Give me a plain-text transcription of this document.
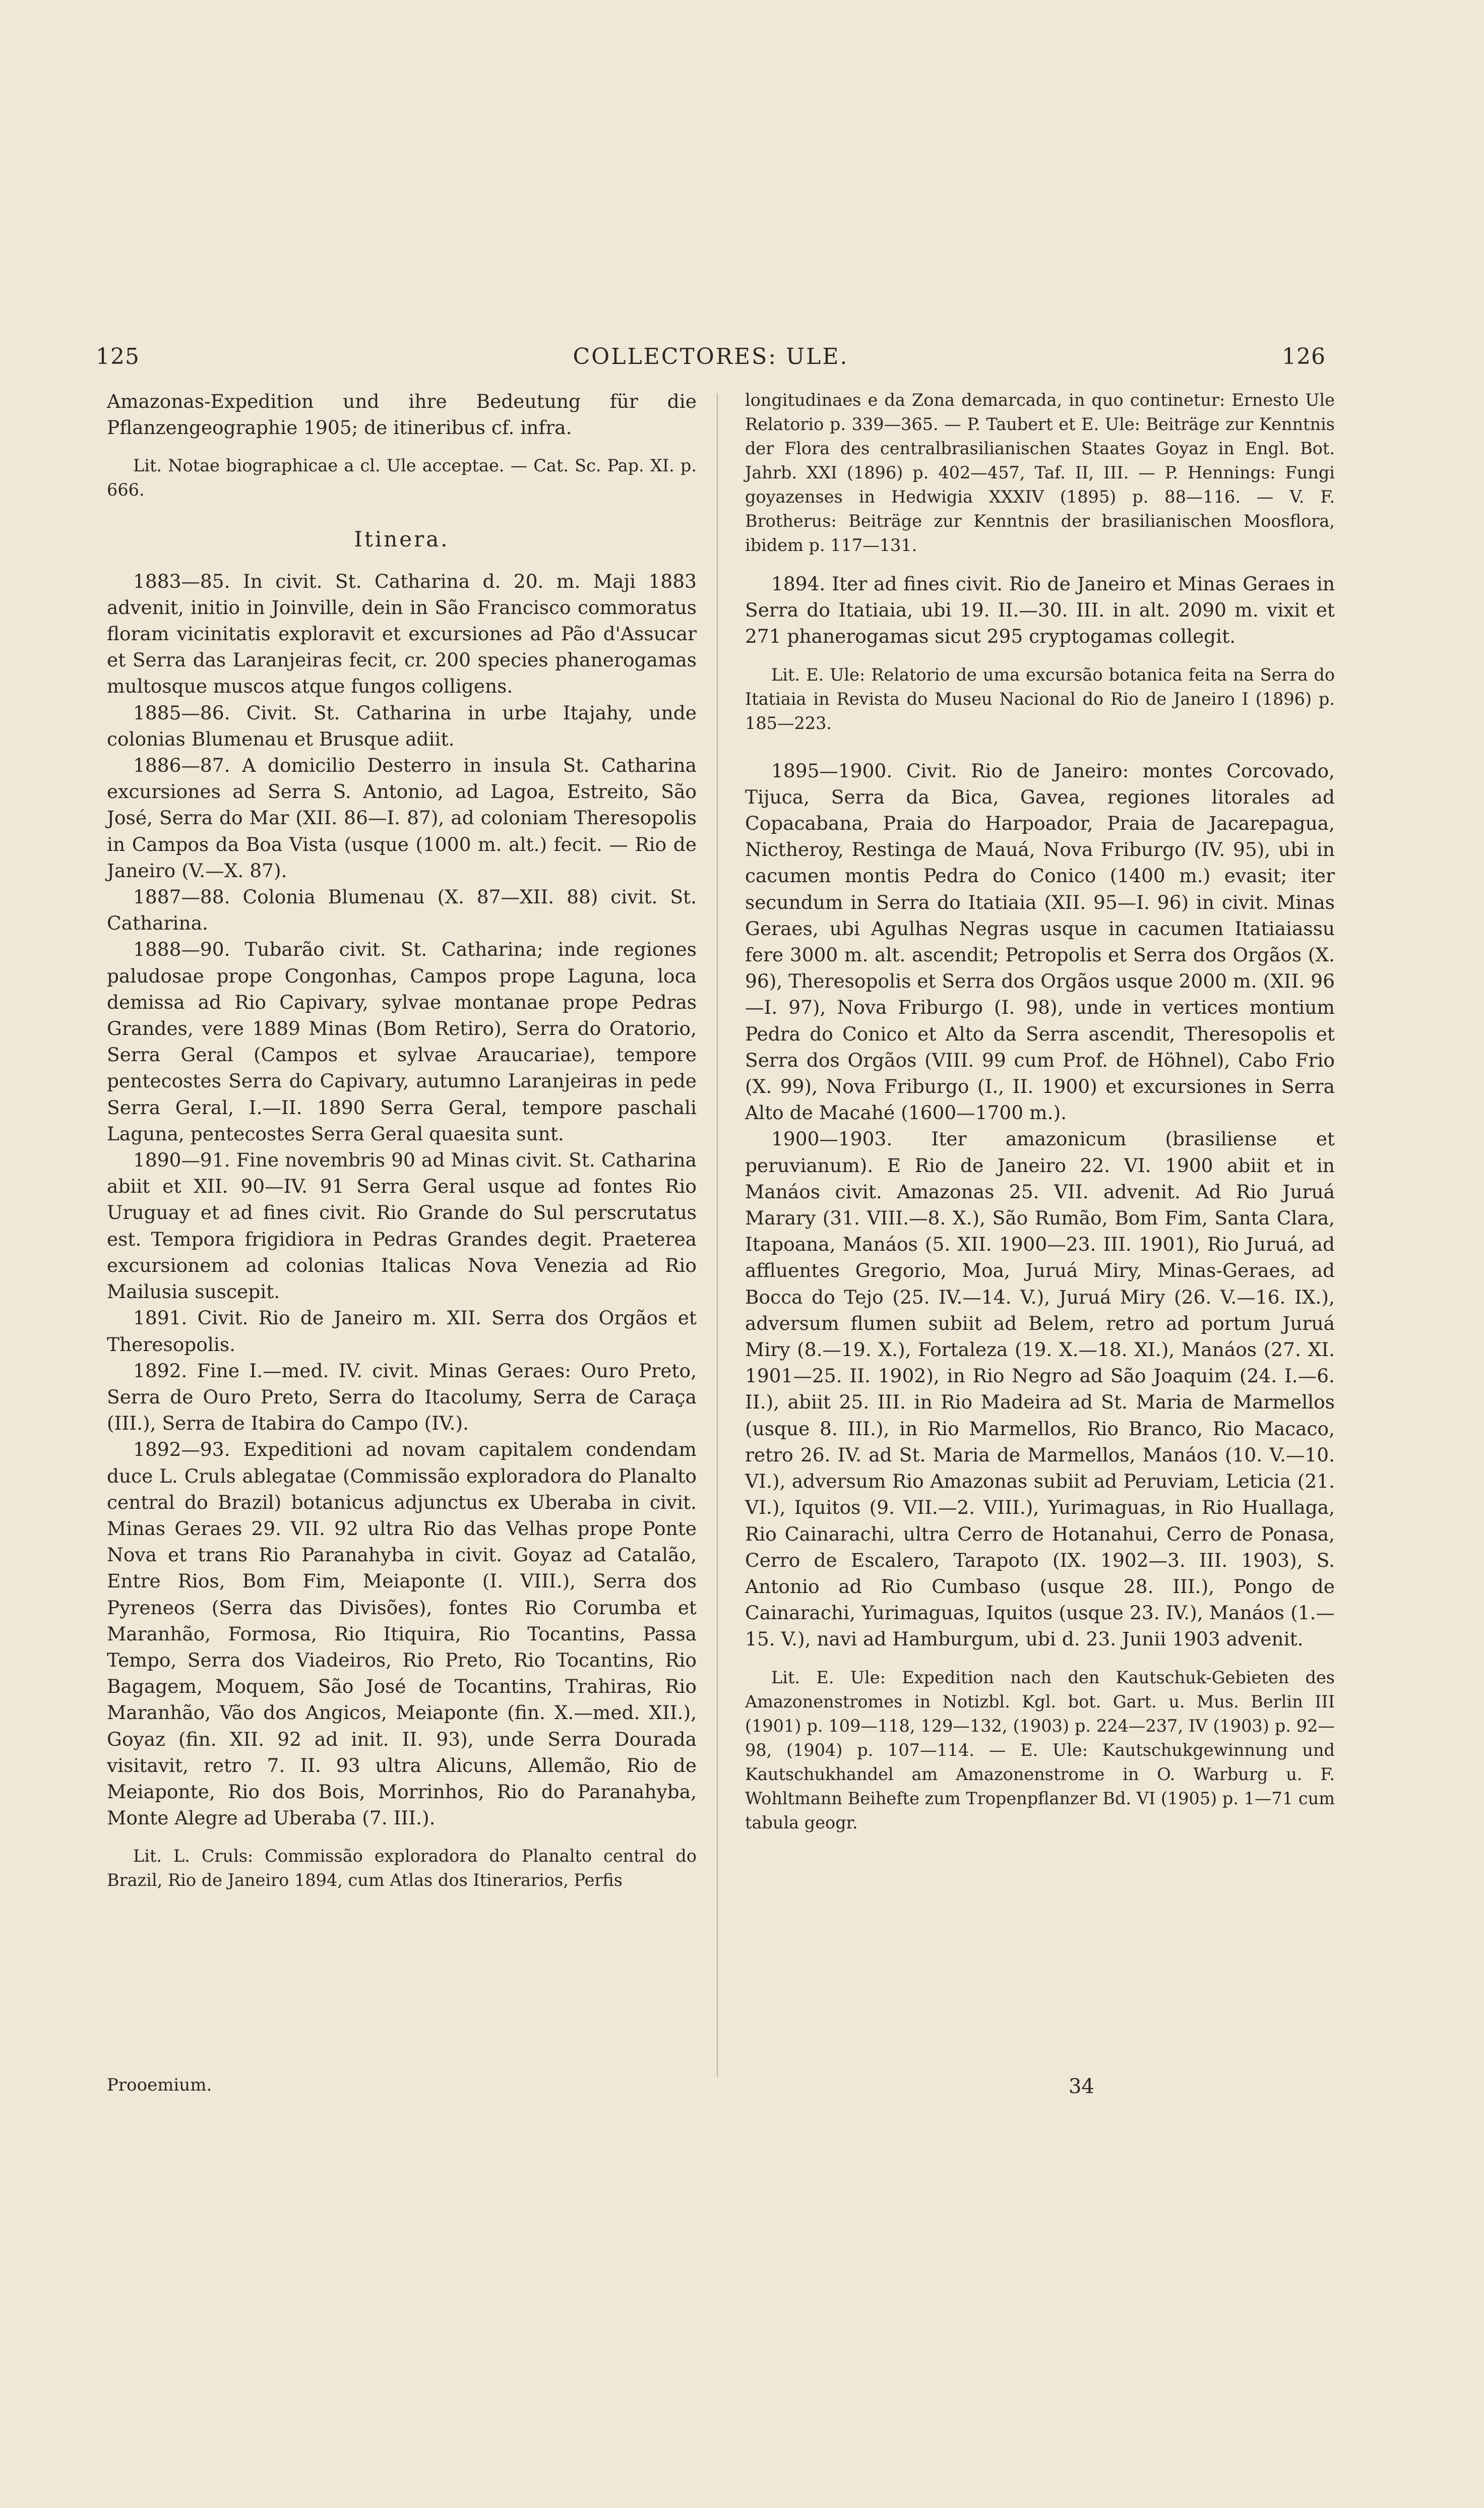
125	COLLECTORES: ULE.	126

Amazonas-Expedition und ihre Bedeutung für die Pflanzengeographie 1905; de itineribus cf. infra.

Lit. Notae biographicae a cl. Ule acceptae. — Cat. Sc. Pap. XI. p. 666.

Itinera.

1883—85. In civit. St. Catharina d. 20. m. Maji 1883 advenit, initio in Joinville, dein in São Francisco commoratus floram vicinitatis exploravit et excursiones ad Pão d'Assucar et Serra das Laranjeiras fecit, cr. 200 species phanerogamas multosque muscos atque fungos colligens.

1885—86. Civit. St. Catharina in urbe Itajahy, unde colonias Blumenau et Brusque adiit.

1886—87. A domicilio Desterro in insula St. Catharina excursiones ad Serra S. Antonio, ad Lagoa, Estreito, São José, Serra do Mar (XII. 86—I. 87), ad coloniam Theresopolis in Campos da Boa Vista (usque (1000 m. alt.) fecit. — Rio de Janeiro (V.—X. 87).

1887—88. Colonia Blumenau (X. 87—XII. 88) civit. St. Catharina.

1888—90. Tubarão civit. St. Catharina; inde regiones paludosae prope Congonhas, Campos prope Laguna, loca demissa ad Rio Capivary, sylvae montanae prope Pedras Grandes, vere 1889 Minas (Bom Retiro), Serra do Oratorio, Serra Geral (Campos et sylvae Araucariae), tempore pentecostes Serra do Capivary, autumno Laranjeiras in pede Serra Geral, I.—II. 1890 Serra Geral, tempore paschali Laguna, pentecostes Serra Geral quaesita sunt.

1890—91. Fine novembris 90 ad Minas civit. St. Catharina abiit et XII. 90—IV. 91 Serra Geral usque ad fontes Rio Uruguay et ad fines civit. Rio Grande do Sul perscrutatus est. Tempora frigidiora in Pedras Grandes degit. Praeterea excursionem ad colonias Italicas Nova Venezia ad Rio Mailusia suscepit.

1891. Civit. Rio de Janeiro m. XII. Serra dos Orgãos et Theresopolis.

1892. Fine I.—med. IV. civit. Minas Geraes: Ouro Preto, Serra de Ouro Preto, Serra do Itacolumy, Serra de Caraça (III.), Serra de Itabira do Campo (IV.).

1892—93. Expeditioni ad novam capitalem condendam duce L. Cruls ablegatae (Commissão exploradora do Planalto central do Brazil) botanicus adjunctus ex Uberaba in civit. Minas Geraes 29. VII. 92 ultra Rio das Velhas prope Ponte Nova et trans Rio Paranahyba in civit. Goyaz ad Catalão, Entre Rios, Bom Fim, Meiaponte (I. VIII.), Serra dos Pyreneos (Serra das Divisões), fontes Rio Corumba et Maranhão, Formosa, Rio Itiquira, Rio Tocantins, Passa Tempo, Serra dos Viadeiros, Rio Preto, Rio Tocantins, Rio Bagagem, Moquem, São José de Tocantins, Trahiras, Rio Maranhão, Vão dos Angicos, Meiaponte (fin. X.—med. XII.), Goyaz (fin. XII. 92 ad init. II. 93), unde Serra Dourada visitavit, retro 7. II. 93 ultra Alicuns, Allemão, Rio de Meiaponte, Rio dos Bois, Morrinhos, Rio do Paranahyba, Monte Alegre ad Uberaba (7. III.).

Lit. L. Cruls: Commissão exploradora do Planalto central do Brazil, Rio de Janeiro 1894, cum Atlas dos Itinerarios, Perfis

longitudinaes e da Zona demarcada, in quo continetur: Ernesto Ule Relatorio p. 339—365. — P. Taubert et E. Ule: Beiträge zur Kenntnis der Flora des centralbrasilianischen Staates Goyaz in Engl. Bot. Jahrb. XXI (1896) p. 402—457, Taf. II, III. — P. Hennings: Fungi goyazenses in Hedwigia XXXIV (1895) p. 88—116. — V. F. Brotherus: Beiträge zur Kenntnis der brasilianischen Moosflora, ibidem p. 117—131.

1894. Iter ad fines civit. Rio de Janeiro et Minas Geraes in Serra do Itatiaia, ubi 19. II.—30. III. in alt. 2090 m. vixit et 271 phanerogamas sicut 295 cryptogamas collegit.

Lit. E. Ule: Relatorio de uma excursão botanica feita na Serra do Itatiaia in Revista do Museu Nacional do Rio de Janeiro I (1896) p. 185—223.

1895—1900. Civit. Rio de Janeiro: montes Corcovado, Tijuca, Serra da Bica, Gavea, regiones litorales ad Copacabana, Praia do Harpoador, Praia de Jacarepagua, Nictheroy, Restinga de Mauá, Nova Friburgo (IV. 95), ubi in cacumen montis Pedra do Conico (1400 m.) evasit; iter secundum in Serra do Itatiaia (XII. 95—I. 96) in civit. Minas Geraes, ubi Agulhas Negras usque in cacumen Itatiaiassu fere 3000 m. alt. ascendit; Petropolis et Serra dos Orgãos (X. 96), Theresopolis et Serra dos Orgãos usque 2000 m. (XII. 96—I. 97), Nova Friburgo (I. 98), unde in vertices montium Pedra do Conico et Alto da Serra ascendit, Theresopolis et Serra dos Orgãos (VIII. 99 cum Prof. de Höhnel), Cabo Frio (X. 99), Nova Friburgo (I., II. 1900) et excursiones in Serra Alto de Macahé (1600—1700 m.).

1900—1903. Iter amazonicum (brasiliense et peruvianum). E Rio de Janeiro 22. VI. 1900 abiit et in Manáos civit. Amazonas 25. VII. advenit. Ad Rio Juruá Marary (31. VIII.—8. X.), São Rumão, Bom Fim, Santa Clara, Itapoana, Manáos (5. XII. 1900—23. III. 1901), Rio Juruá, ad affluentes Gregorio, Moa, Juruá Miry, Minas-Geraes, ad Bocca do Tejo (25. IV.—14. V.), Juruá Miry (26. V.—16. IX.), adversum flumen subiit ad Belem, retro ad portum Juruá Miry (8.—19. X.), Fortaleza (19. X.—18. XI.), Manáos (27. XI. 1901—25. II. 1902), in Rio Negro ad São Joaquim (24. I.—6. II.), abiit 25. III. in Rio Madeira ad St. Maria de Marmellos (usque 8. III.), in Rio Marmellos, Rio Branco, Rio Macaco, retro 26. IV. ad St. Maria de Marmellos, Manáos (10. V.—10. VI.), adversum Rio Amazonas subiit ad Peruviam, Leticia (21. VI.), Iquitos (9. VII.—2. VIII.), Yurimaguas, in Rio Huallaga, Rio Cainarachi, ultra Cerro de Hotanahui, Cerro de Ponasa, Cerro de Escalero, Tarapoto (IX. 1902—3. III. 1903), S. Antonio ad Rio Cumbaso (usque 28. III.), Pongo de Cainarachi, Yurimaguas, Iquitos (usque 23. IV.), Manáos (1.—15. V.), navi ad Hamburgum, ubi d. 23. Junii 1903 advenit.

Lit. E. Ule: Expedition nach den Kautschuk-Gebieten des Amazonenstromes in Notizbl. Kgl. bot. Gart. u. Mus. Berlin III (1901) p. 109—118, 129—132, (1903) p. 224—237, IV (1903) p. 92—98, (1904) p. 107—114. — E. Ule: Kautschukgewinnung und Kautschukhandel am Amazonenstrome in O. Warburg u. F. Wohltmann Beihefte zum Tropenpflanzer Bd. VI (1905) p. 1—71 cum tabula geogr.

Prooemium.	34
